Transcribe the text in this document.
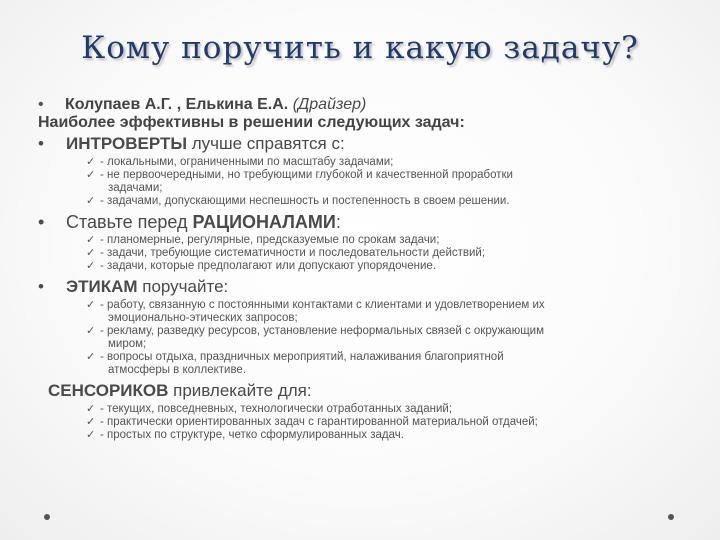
Кому поручить и какую задачу?
• Колупаев А.Г. , Елькина Е.А. (Драйзер)
Наиболее эффективны в решении следующих задач:
• ИНТРОВЕРТЫ лучше справятся с:
✓ - локальными, ограниченными по масштабу задачами;
✓ - не первоочередными, но требующими глубокой и качественной проработки
задачами;
✓ - задачами, допускающими неспешность и постепенность в своем решении.
• Ставьте перед РАЦИОНАЛАМИ:
✓ - планомерные, регулярные, предсказуемые по срокам задачи;
✓ - задачи, требующие систематичности и последовательности действий;
✓ - задачи, которые предполагают или допускают упорядочение.
• ЭТИКАМ поручайте:
✓ - работу, связанную с постоянными контактами с клиентами и удовлетворением их
эмоционально-этических запросов;
✓ - рекламу, разведку ресурсов, установление неформальных связей с окружающим
миром;
✓ - вопросы отдыха, праздничных мероприятий, налаживания благоприятной
атмосферы в коллективе.
СЕНСОРИКОВ привлекайте для:
✓ - текущих, повседневных, технологически отработанных заданий;
✓ - практически ориентированных задач с гарантированной материальной отдачей;
✓ - простых по структуре, четко сформулированных задач.
